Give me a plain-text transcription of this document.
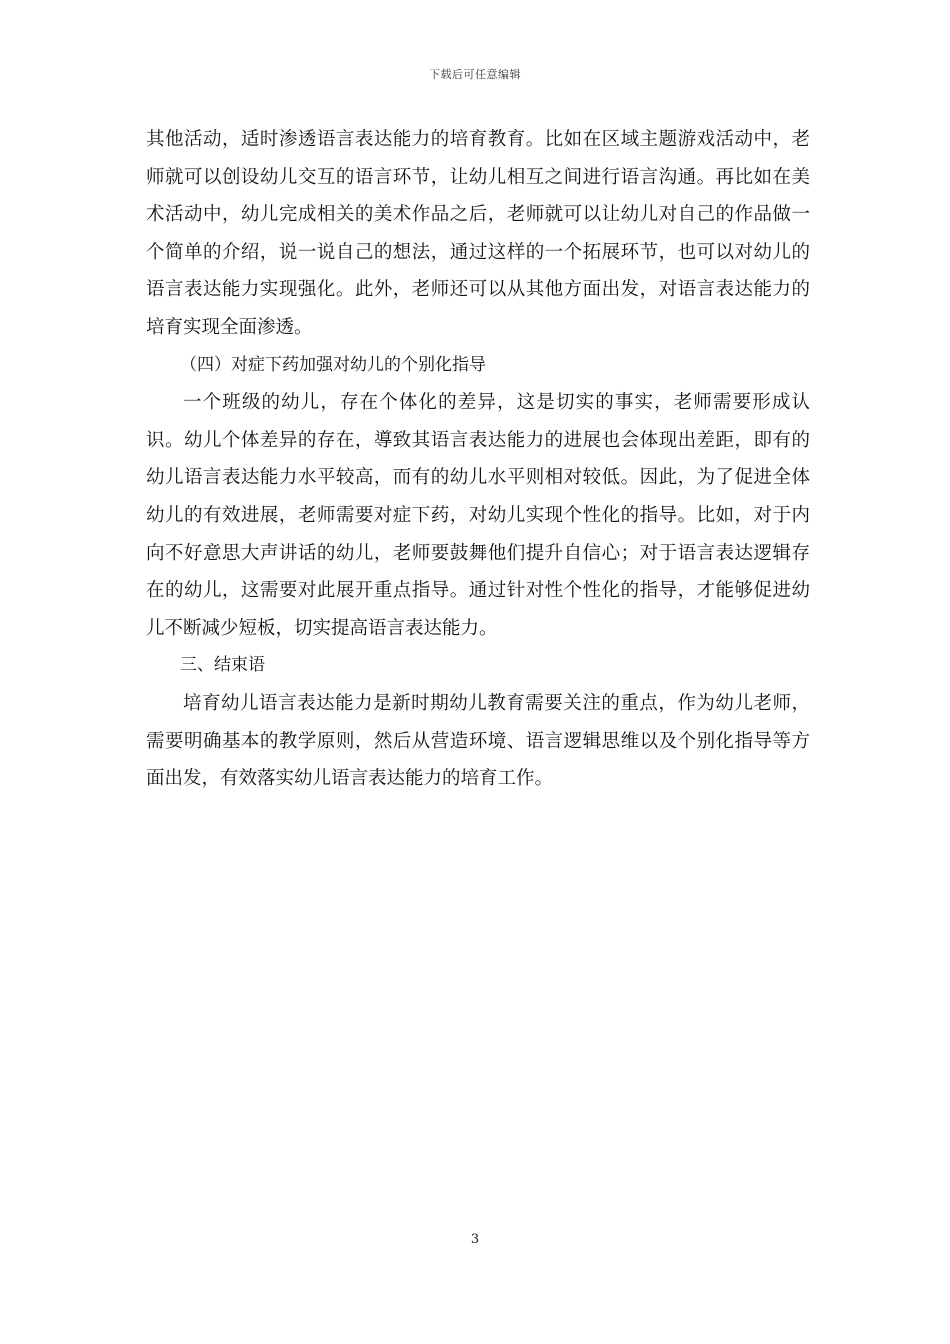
下载后可任意编辑

其他活动，适时渗透语言表达能力的培育教育。比如在区域主题游戏活动中，老师就可以创设幼儿交互的语言环节，让幼儿相互之间进行语言沟通。再比如在美术活动中，幼儿完成相关的美术作品之后，老师就可以让幼儿对自己的作品做一个简单的介绍，说一说自己的想法，通过这样的一个拓展环节，也可以对幼儿的语言表达能力实现强化。此外，老师还可以从其他方面出发，对语言表达能力的培育实现全面渗透。

（四）对症下药加强对幼儿的个别化指导

一个班级的幼儿，存在个体化的差异，这是切实的事实，老师需要形成认识。幼儿个体差异的存在，導致其语言表达能力的进展也会体现出差距，即有的幼儿语言表达能力水平较高，而有的幼儿水平则相对较低。因此，为了促进全体幼儿的有效进展，老师需要对症下药，对幼儿实现个性化的指导。比如，对于内向不好意思大声讲话的幼儿，老师要鼓舞他们提升自信心；对于语言表达逻辑存在的幼儿，这需要对此展开重点指导。通过针对性个性化的指导，才能够促进幼儿不断减少短板，切实提高语言表达能力。

三、结束语

培育幼儿语言表达能力是新时期幼儿教育需要关注的重点，作为幼儿老师，需要明确基本的教学原则，然后从营造环境、语言逻辑思维以及个别化指导等方面出发，有效落实幼儿语言表达能力的培育工作。

3
